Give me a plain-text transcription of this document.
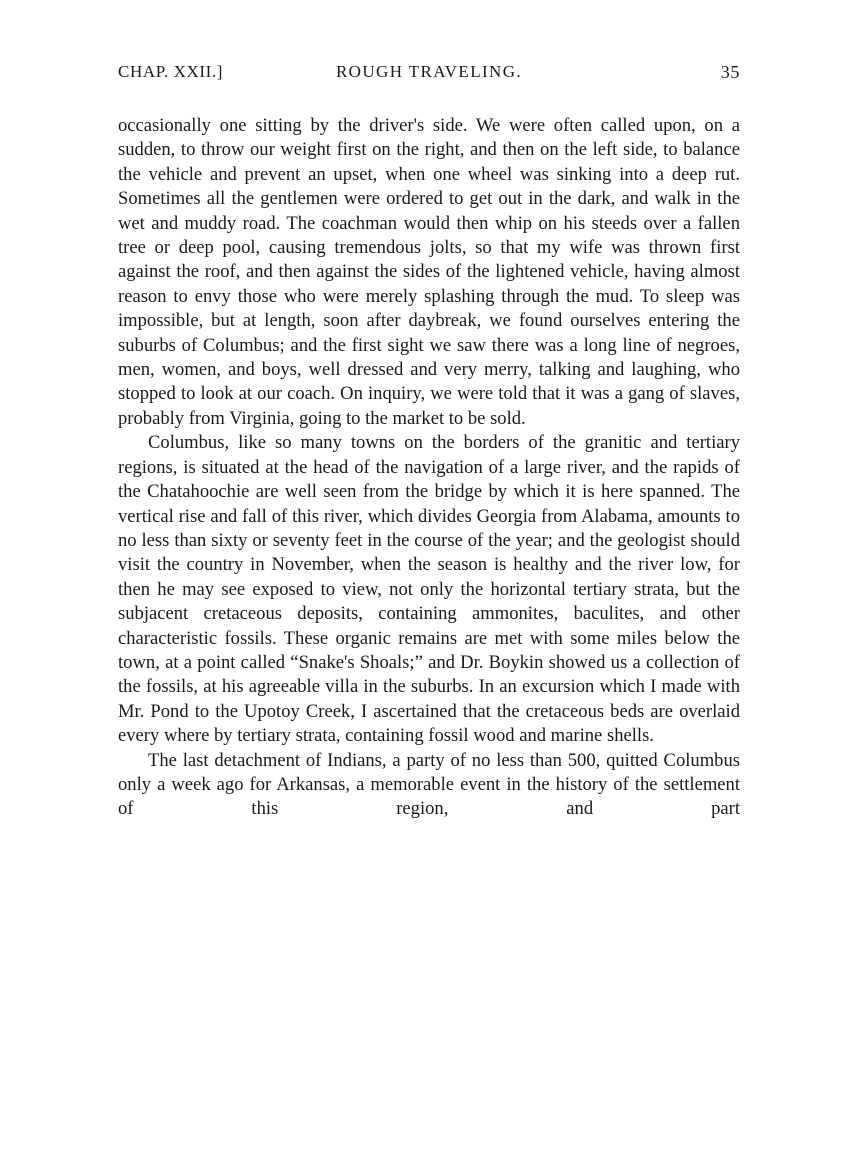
CHAP. XXII.]	ROUGH TRAVELING.	35

occasionally one sitting by the driver's side. We were often called upon, on a sudden, to throw our weight first on the right, and then on the left side, to balance the vehicle and prevent an upset, when one wheel was sinking into a deep rut. Sometimes all the gentlemen were ordered to get out in the dark, and walk in the wet and muddy road. The coachman would then whip on his steeds over a fallen tree or deep pool, causing tremendous jolts, so that my wife was thrown first against the roof, and then against the sides of the lightened vehicle, having almost reason to envy those who were merely splashing through the mud. To sleep was impossible, but at length, soon after daybreak, we found ourselves entering the suburbs of Columbus; and the first sight we saw there was a long line of negroes, men, women, and boys, well dressed and very merry, talking and laughing, who stopped to look at our coach. On inquiry, we were told that it was a gang of slaves, probably from Virginia, going to the market to be sold.

Columbus, like so many towns on the borders of the granitic and tertiary regions, is situated at the head of the navigation of a large river, and the rapids of the Chatahoochie are well seen from the bridge by which it is here spanned. The vertical rise and fall of this river, which divides Georgia from Alabama, amounts to no less than sixty or seventy feet in the course of the year; and the geologist should visit the country in November, when the season is healthy and the river low, for then he may see exposed to view, not only the horizontal tertiary strata, but the subjacent cretaceous deposits, containing ammonites, baculites, and other characteristic fossils. These organic remains are met with some miles below the town, at a point called “Snake's Shoals;” and Dr. Boykin showed us a collection of the fossils, at his agreeable villa in the suburbs. In an excursion which I made with Mr. Pond to the Upotoy Creek, I ascertained that the cretaceous beds are overlaid every where by tertiary strata, containing fossil wood and marine shells.

The last detachment of Indians, a party of no less than 500, quitted Columbus only a week ago for Arkansas, a memorable event in the history of the settlement of this region, and part
